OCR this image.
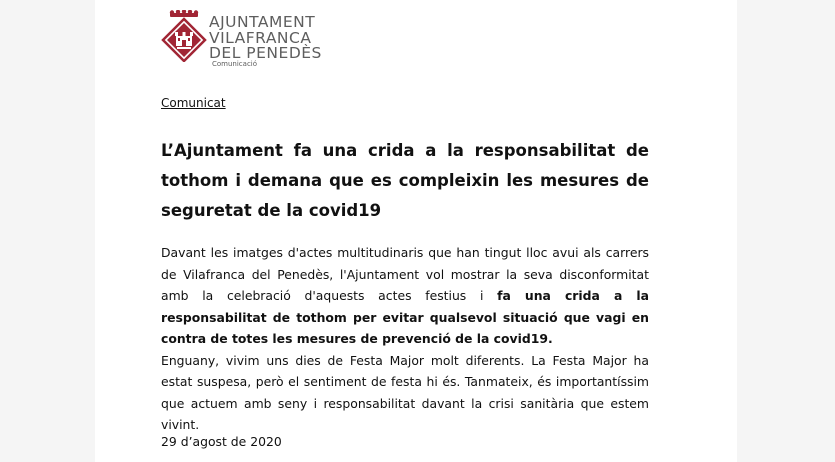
AJUNTAMENT
VILAFRANCA
DEL PENEDÈS
Comunicació
Comunicat
L’Ajuntament fa una crida a la responsabilitat de tothom i demana que es compleixin les mesures de seguretat de la covid19

Davant les imatges d'actes multitudinaris que han tingut lloc avui als carrers de Vilafranca del Penedès, l'Ajuntament vol mostrar la seva disconformitat amb la celebració d'aquests actes festius i fa una crida a la responsabilitat de tothom per evitar qualsevol situació que vagi en contra de totes les mesures de prevenció de la covid19.

Enguany, vivim uns dies de Festa Major molt diferents. La Festa Major ha estat suspesa, però el sentiment de festa hi és. Tanmateix, és importantíssim que actuem amb seny i responsabilitat davant la crisi sanitària que estem vivint.

29 d’agost de 2020
